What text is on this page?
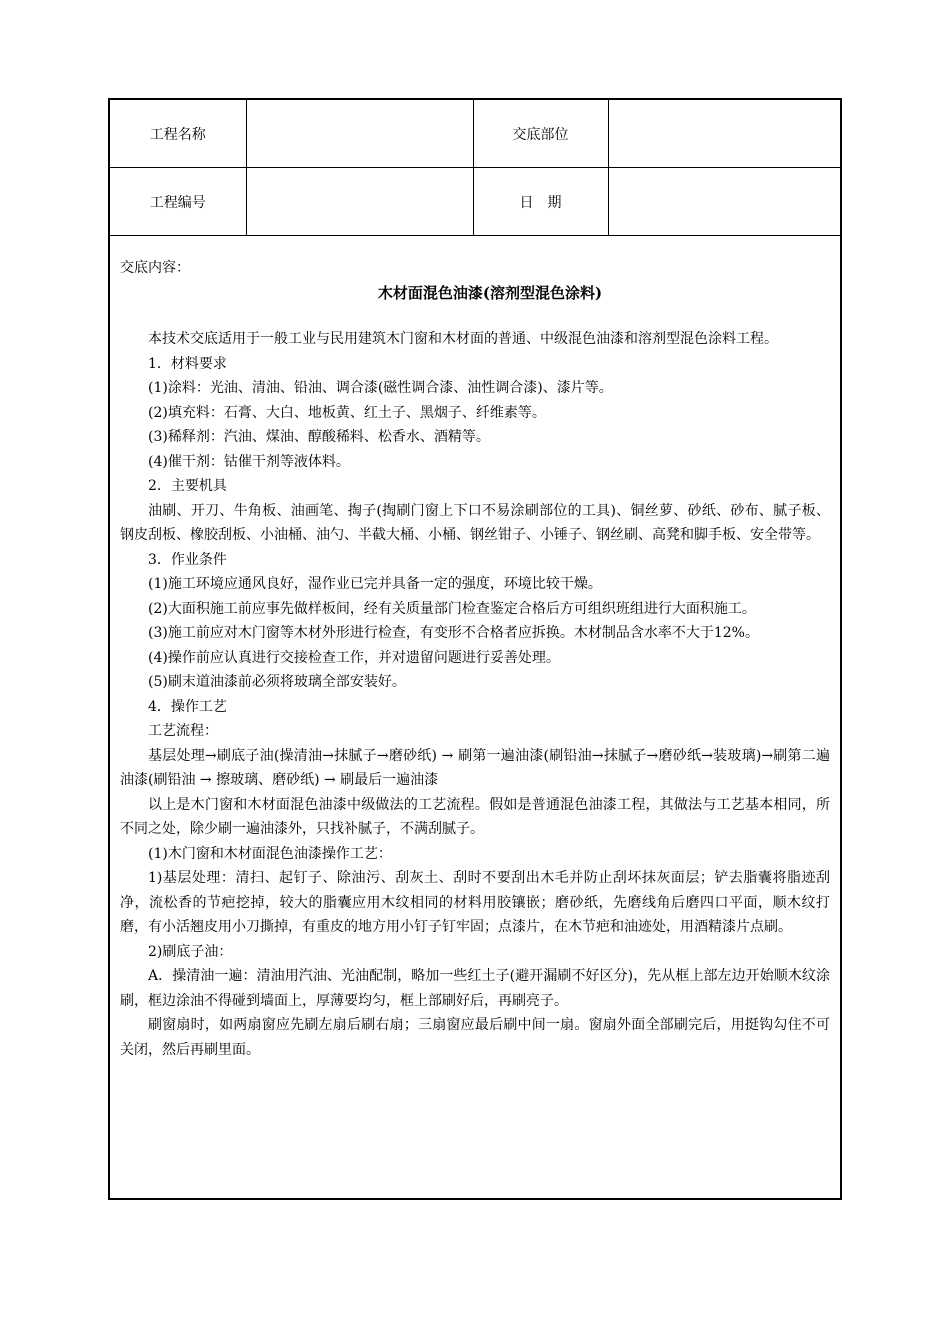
工程名称		交底部位	
工程编号		日　期	

交底内容：

木材面混色油漆(溶剂型混色涂料)

本技术交底适用于一般工业与民用建筑木门窗和木材面的普通、中级混色油漆和溶剂型混色涂料工程。

1．材料要求

(1)涂料：光油、清油、铅油、调合漆(磁性调合漆、油性调合漆)、漆片等。

(2)填充料：石膏、大白、地板黄、红土子、黑烟子、纤维素等。

(3)稀释剂：汽油、煤油、醇酸稀料、松香水、酒精等。

(4)催干剂：钴催干剂等液体料。

2．主要机具

油刷、开刀、牛角板、油画笔、掏子(掏刷门窗上下口不易涂刷部位的工具)、铜丝萝、砂纸、砂布、腻子板、钢皮刮板、橡胶刮板、小油桶、油勺、半截大桶、小桶、钢丝钳子、小锤子、钢丝刷、高凳和脚手板、安全带等。

3．作业条件

(1)施工环境应通风良好，湿作业已完并具备一定的强度，环境比较干燥。

(2)大面积施工前应事先做样板间，经有关质量部门检查鉴定合格后方可组织班组进行大面积施工。

(3)施工前应对木门窗等木材外形进行检查，有变形不合格者应拆换。木材制品含水率不大于12%。

(4)操作前应认真进行交接检查工作，并对遗留问题进行妥善处理。

(5)刷末道油漆前必须将玻璃全部安装好。

4．操作工艺

工艺流程：

基层处理→刷底子油(操清油→抹腻子→磨砂纸) → 刷第一遍油漆(刷铅油→抹腻子→磨砂纸→装玻璃)→刷第二遍油漆(刷铅油 → 擦玻璃、磨砂纸) → 刷最后一遍油漆

以上是木门窗和木材面混色油漆中级做法的工艺流程。假如是普通混色油漆工程，其做法与工艺基本相同，所不同之处，除少刷一遍油漆外，只找补腻子，不满刮腻子。

(1)木门窗和木材面混色油漆操作工艺：

1)基层处理：清扫、起钉子、除油污、刮灰土、刮时不要刮出木毛并防止刮坏抹灰面层；铲去脂囊将脂迹刮净，流松香的节疤挖掉，较大的脂囊应用木纹相同的材料用胶镶嵌；磨砂纸，先磨线角后磨四口平面，顺木纹打磨，有小活翘皮用小刀撕掉，有重皮的地方用小钉子钉牢固；点漆片，在木节疤和油迹处，用酒精漆片点刷。

2)刷底子油：

A．操清油一遍：清油用汽油、光油配制，略加一些红土子(避开漏刷不好区分)，先从框上部左边开始顺木纹涂刷，框边涂油不得碰到墙面上，厚薄要均匀，框上部刷好后，再刷亮子。

刷窗扇时，如两扇窗应先刷左扇后刷右扇；三扇窗应最后刷中间一扇。窗扇外面全部刷完后，用挺钩勾住不可关闭，然后再刷里面。
